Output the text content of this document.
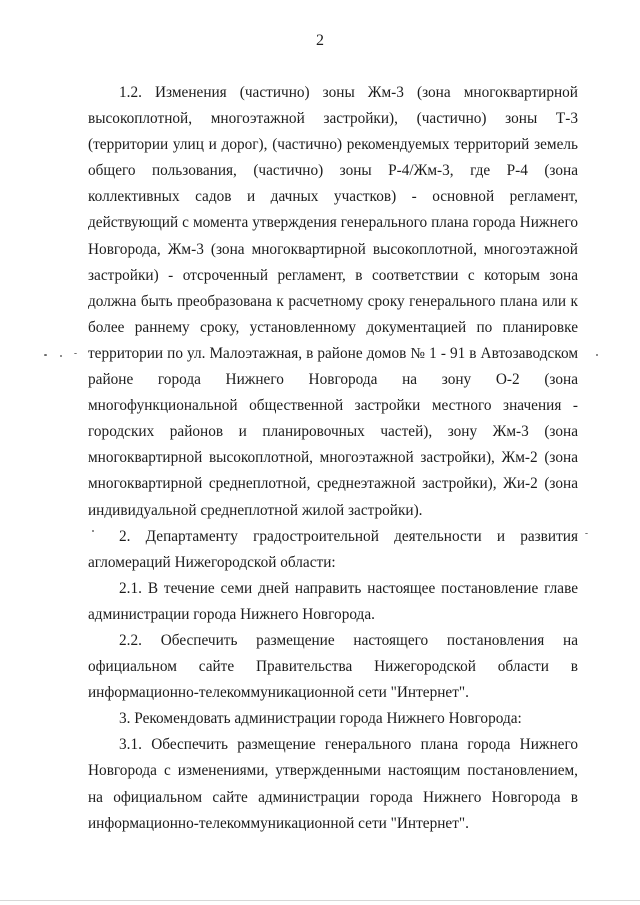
2

1.2. Изменения (частично) зоны Жм-3 (зона многоквартирной высокоплотной, многоэтажной застройки), (частично) зоны Т-3 (территории улиц и дорог), (частично) рекомендуемых территорий земель общего пользования, (частично) зоны Р-4/Жм-3, где Р-4 (зона коллективных садов и дачных участков) - основной регламент, действующий с момента утверждения генерального плана города Нижнего Новгорода, Жм-3 (зона многоквартирной высокоплотной, многоэтажной застройки) - отсроченный регламент, в соответствии с которым зона должна быть преобразована к расчетному сроку генерального плана или к более раннему сроку, установленному документацией по планировке территории по ул. Малоэтажная, в районе домов № 1 - 91 в Автозаводском районе города Нижнего Новгорода на зону О-2 (зона многофункциональной общественной застройки местного значения - городских районов и планировочных частей), зону Жм-3 (зона многоквартирной высокоплотной, многоэтажной застройки), Жм-2 (зона многоквартирной среднеплотной, среднеэтажной застройки), Жи-2 (зона индивидуальной среднеплотной жилой застройки).

2. Департаменту градостроительной деятельности и развития агломераций Нижегородской области:

2.1. В течение семи дней направить настоящее постановление главе администрации города Нижнего Новгорода.

2.2. Обеспечить размещение настоящего постановления на официальном сайте Правительства Нижегородской области в информационно-телекоммуникационной сети "Интернет".

3. Рекомендовать администрации города Нижнего Новгорода:

3.1. Обеспечить размещение генерального плана города Нижнего Новгорода с изменениями, утвержденными настоящим постановлением, на официальном сайте администрации города Нижнего Новгорода в информационно-телекоммуникационной сети "Интернет".
